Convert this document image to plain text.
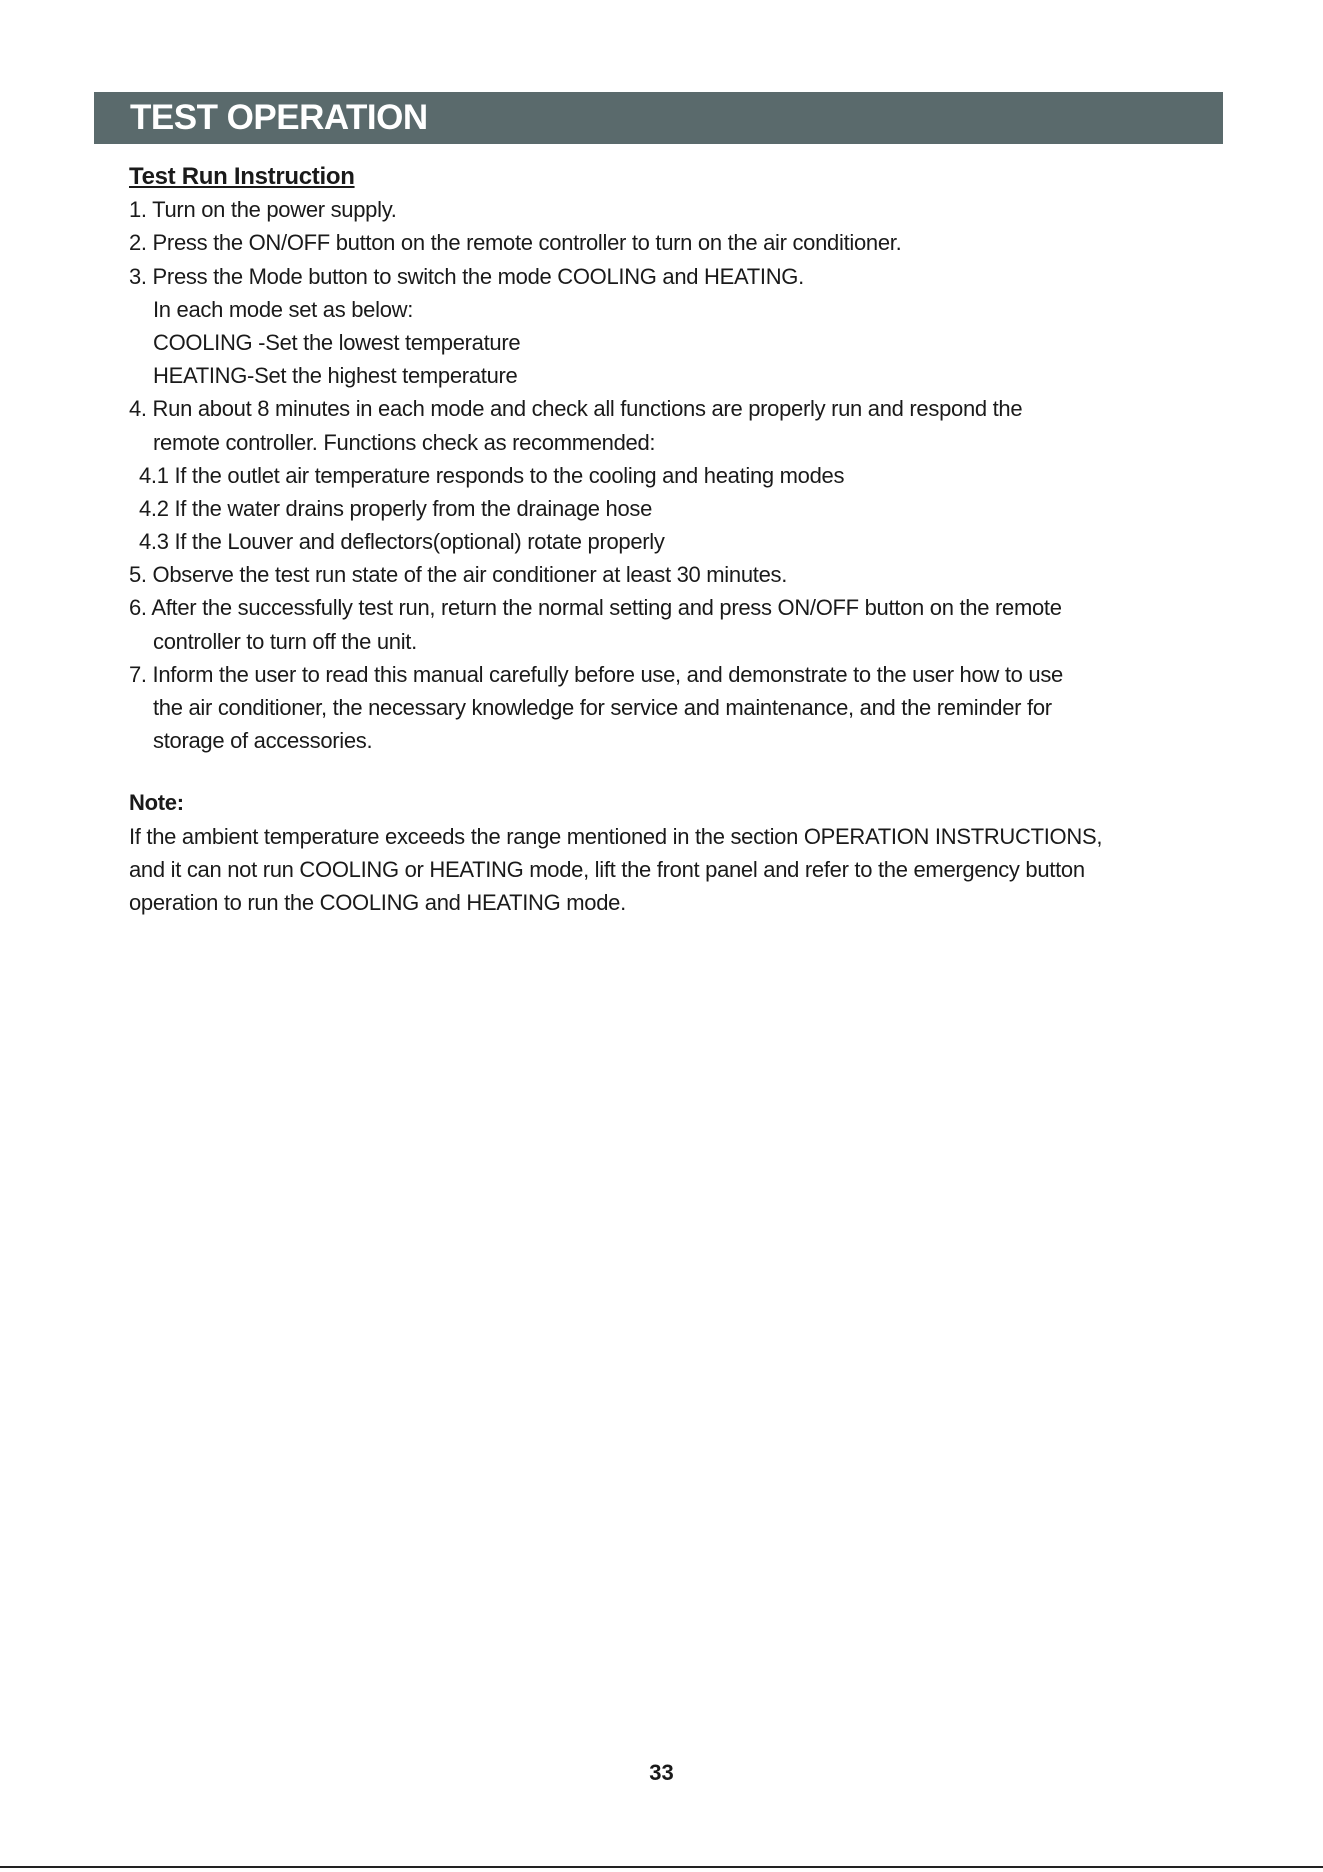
TEST OPERATION
Test Run Instruction
1. Turn on the power supply.
2. Press the ON/OFF button on the remote controller to turn on the air conditioner.
3. Press the Mode button to switch the mode COOLING and HEATING.
In each mode set as below:
COOLING -Set the lowest temperature
HEATING-Set the highest temperature
4. Run about 8 minutes in each mode and check all functions are properly run and respond the
remote controller. Functions check as recommended:
4.1 If the outlet air temperature responds to the cooling and heating modes
4.2 If the water drains properly from the drainage hose
4.3 If the Louver and deflectors(optional) rotate properly
5. Observe the test run state of the air conditioner at least 30 minutes.
6. After the successfully test run, return the normal setting and press ON/OFF button on the remote
controller to turn off the unit.
7. Inform the user to read this manual carefully before use, and demonstrate to the user how to use
the air conditioner, the necessary knowledge for service and maintenance, and the reminder for
storage of accessories.
Note:
If the ambient temperature exceeds the range mentioned in the section OPERATION INSTRUCTIONS,
and it can not run COOLING or HEATING mode, lift the front panel and refer to the emergency button
operation to run the COOLING and HEATING mode.
33
